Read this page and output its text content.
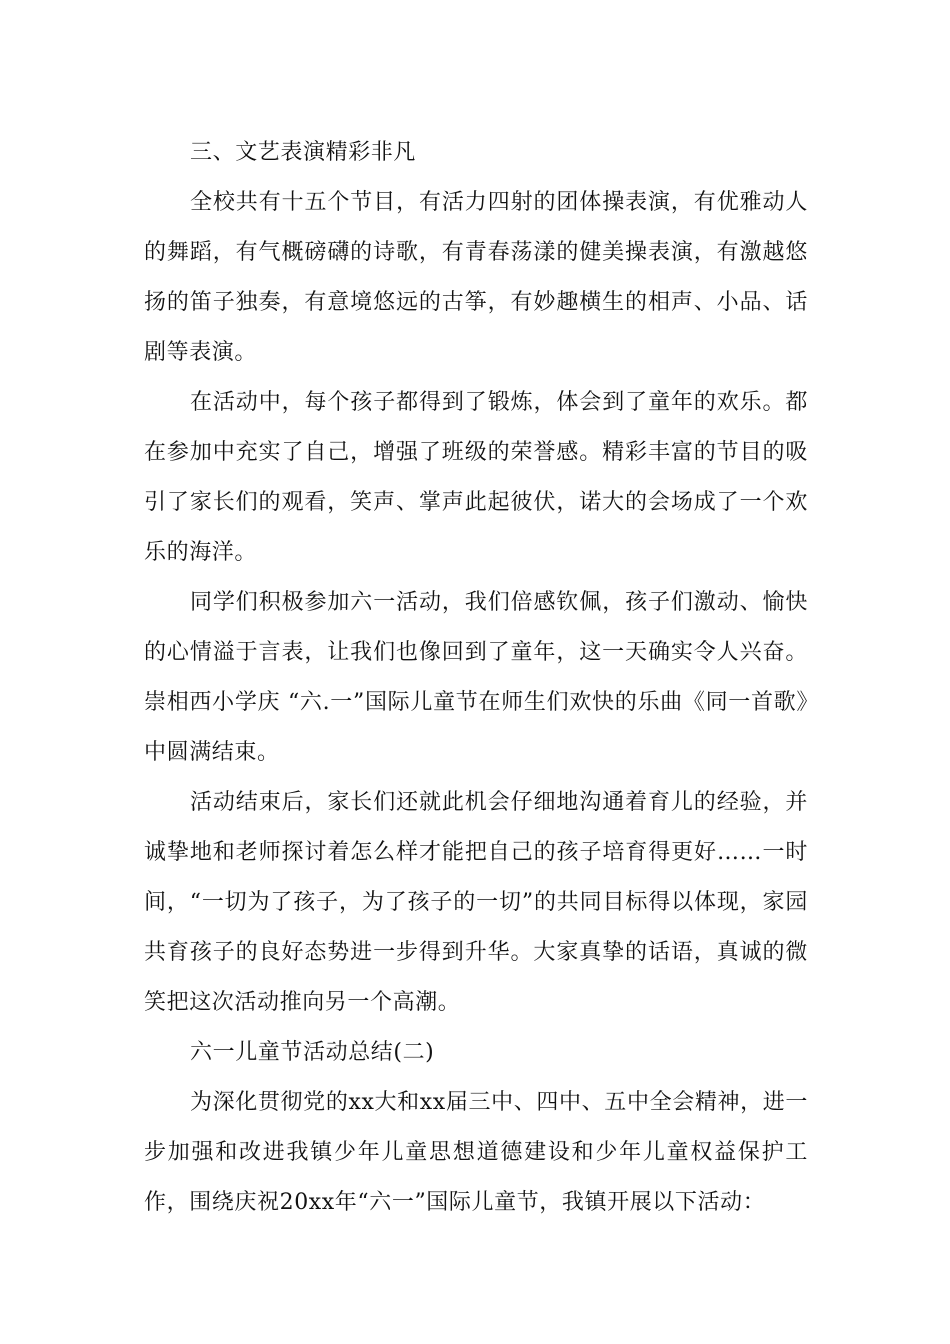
三、文艺表演精彩非凡

全校共有十五个节目，有活力四射的团体操表演，有优雅动人的舞蹈，有气概磅礴的诗歌，有青春荡漾的健美操表演，有激越悠扬的笛子独奏，有意境悠远的古筝，有妙趣横生的相声、小品、话剧等表演。

在活动中，每个孩子都得到了锻炼，体会到了童年的欢乐。都在参加中充实了自己，增强了班级的荣誉感。精彩丰富的节目的吸引了家长们的观看，笑声、掌声此起彼伏，诺大的会场成了一个欢乐的海洋。

同学们积极参加六一活动，我们倍感钦佩，孩子们激动、愉快的心情溢于言表，让我们也像回到了童年，这一天确实令人兴奋。崇相西小学庆 “六.一”国际儿童节在师生们欢快的乐曲《同一首歌》中圆满结束。

活动结束后，家长们还就此机会仔细地沟通着育儿的经验，并诚挚地和老师探讨着怎么样才能把自己的孩子培育得更好……一时间，“一切为了孩子，为了孩子的一切”的共同目标得以体现，家园共育孩子的良好态势进一步得到升华。大家真挚的话语，真诚的微笑把这次活动推向另一个高潮。

六一儿童节活动总结(二)

为深化贯彻党的xx大和xx届三中、四中、五中全会精神，进一步加强和改进我镇少年儿童思想道德建设和少年儿童权益保护工作，围绕庆祝20xx年“六一”国际儿童节，我镇开展以下活动：
